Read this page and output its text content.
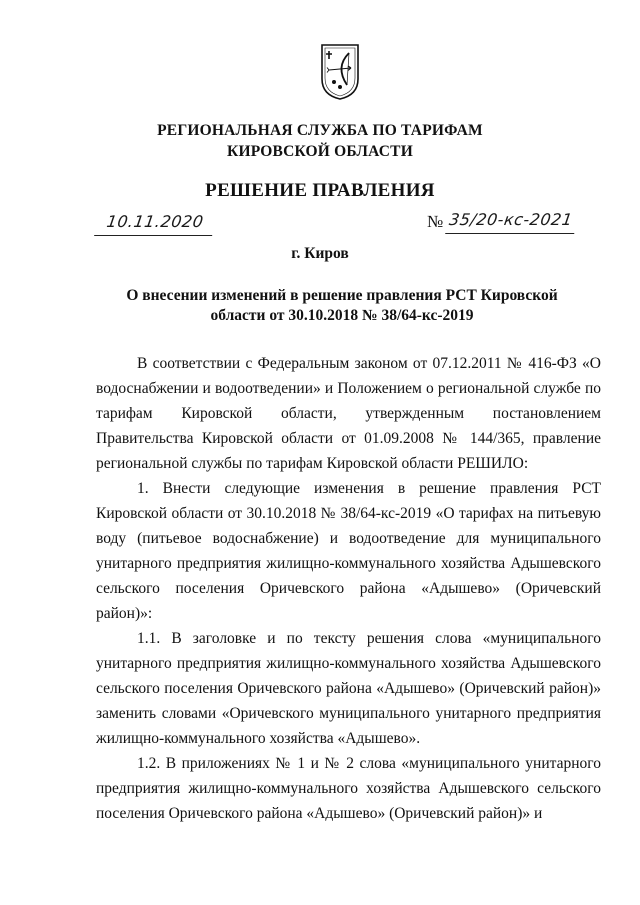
РЕГИОНАЛЬНАЯ СЛУЖБА ПО ТАРИФАМ
КИРОВСКОЙ ОБЛАСТИ
РЕШЕНИЕ ПРАВЛЕНИЯ
10.11.2020	№ 35/20-кс-2021
г. Киров
О внесении изменений в решение правления РСТ Кировской области от 30.10.2018 № 38/64-кс-2019

В соответствии с Федеральным законом от 07.12.2011 № 416-ФЗ «О водоснабжении и водоотведении» и Положением о региональной службе по тарифам Кировской области, утвержденным постановлением Правительства Кировской области от 01.09.2008 № 144/365, правление региональной службы по тарифам Кировской области РЕШИЛО:

1. Внести следующие изменения в решение правления РСТ Кировской области от 30.10.2018 № 38/64-кс-2019 «О тарифах на питьевую воду (питьевое водоснабжение) и водоотведение для муниципального унитарного предприятия жилищно-коммунального хозяйства Адышевского сельского поселения Оричевского района «Адышево» (Оричевский район)»:

1.1. В заголовке и по тексту решения слова «муниципального унитарного предприятия жилищно-коммунального хозяйства Адышевского сельского поселения Оричевского района «Адышево» (Оричевский район)» заменить словами «Оричевского муниципального унитарного предприятия жилищно-коммунального хозяйства «Адышево».

1.2. В приложениях № 1 и № 2 слова «муниципального унитарного предприятия жилищно-коммунального хозяйства Адышевского сельского поселения Оричевского района «Адышево» (Оричевский район)» и
